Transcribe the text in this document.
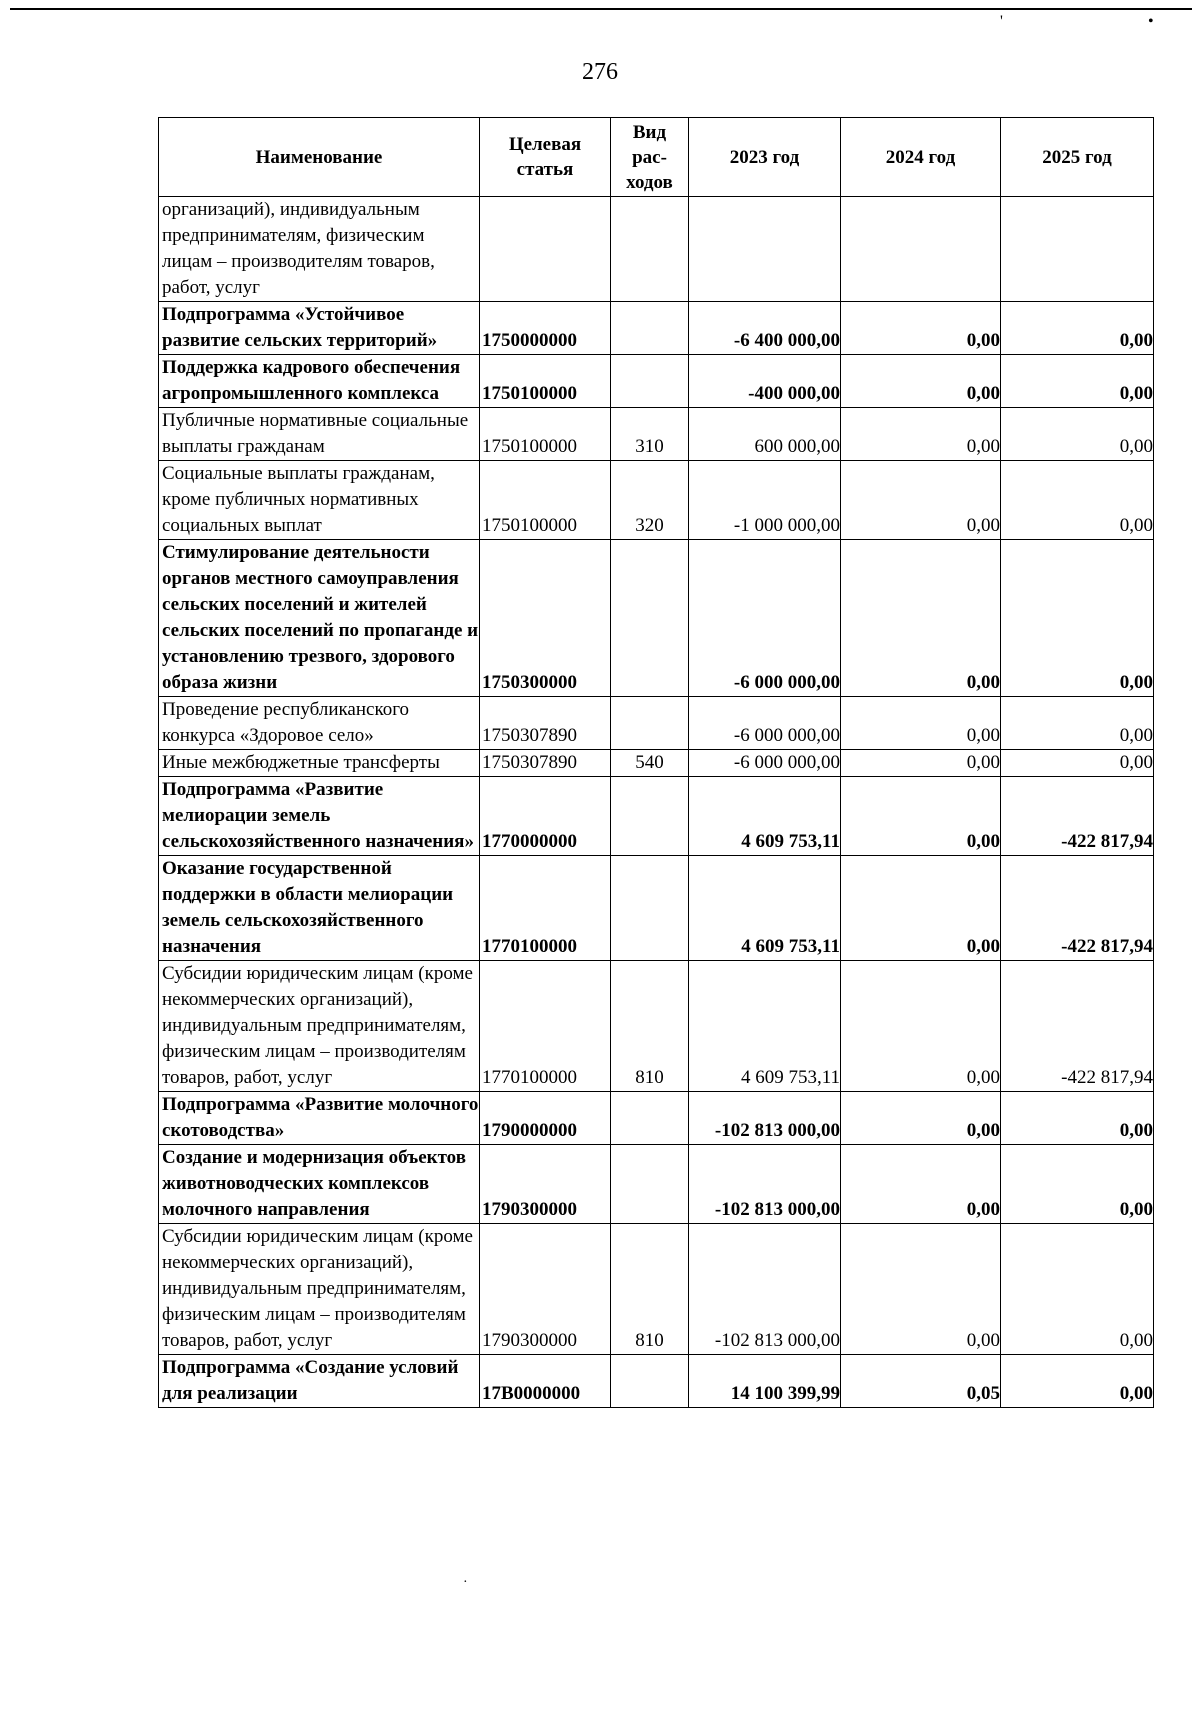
'	•
276
Наименование	Целевая статья	Вид рас-ходов	2023 год	2024 год	2025 год
организаций), индивидуальным предпринимателям, физическим лицам – производителям товаров, работ, услуг					
Подпрограмма «Устойчивое развитие сельских территорий»	1750000000		-6 400 000,00	0,00	0,00
Поддержка кадрового обеспечения агропромышленного комплекса	1750100000		-400 000,00	0,00	0,00
Публичные нормативные социальные выплаты гражданам	1750100000	310	600 000,00	0,00	0,00
Социальные выплаты гражданам, кроме публичных нормативных социальных выплат	1750100000	320	-1 000 000,00	0,00	0,00
Стимулирование деятельности органов местного самоуправления сельских поселений и жителей сельских поселений по пропаганде и установлению трезвого, здорового образа жизни	1750300000		-6 000 000,00	0,00	0,00
Проведение республиканского конкурса «Здоровое село»	1750307890		-6 000 000,00	0,00	0,00
Иные межбюджетные трансферты	1750307890	540	-6 000 000,00	0,00	0,00
Подпрограмма «Развитие мелиорации земель сельскохозяйственного назначения»	1770000000		4 609 753,11	0,00	-422 817,94
Оказание государственной поддержки в области мелиорации земель сельскохозяйственного назначения	1770100000		4 609 753,11	0,00	-422 817,94
Субсидии юридическим лицам (кроме некоммерческих организаций), индивидуальным предпринимателям, физическим лицам – производителям товаров, работ, услуг	1770100000	810	4 609 753,11	0,00	-422 817,94
Подпрограмма «Развитие молочного скотоводства»	1790000000		-102 813 000,00	0,00	0,00
Создание и модернизация объектов животноводческих комплексов молочного направления	1790300000		-102 813 000,00	0,00	0,00
Субсидии юридическим лицам (кроме некоммерческих организаций), индивидуальным предпринимателям, физическим лицам – производителям товаров, работ, услуг	1790300000	810	-102 813 000,00	0,00	0,00
Подпрограмма «Создание условий для реализации	17В0000000		14 100 399,99	0,05	0,00
·
